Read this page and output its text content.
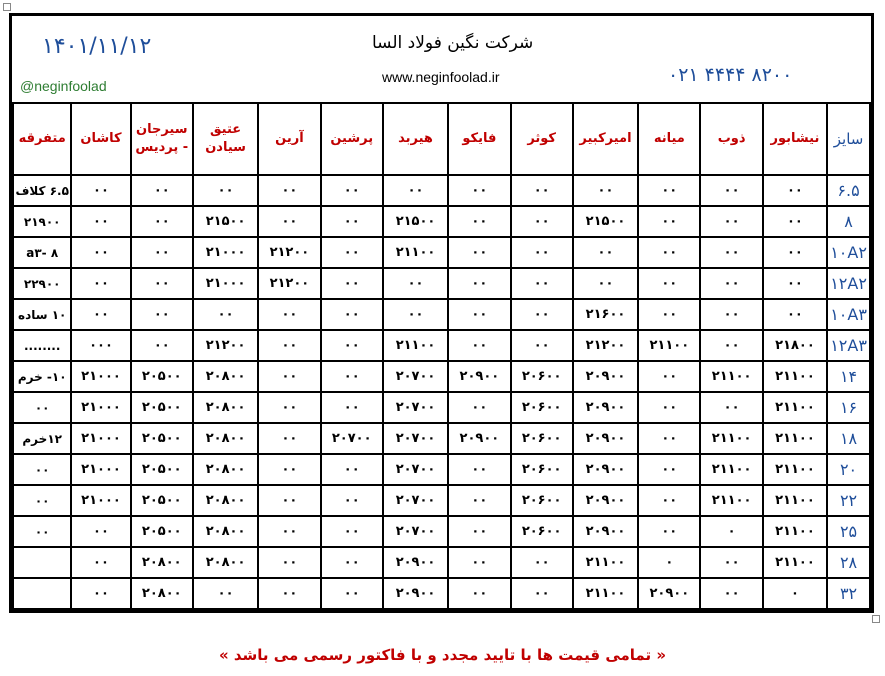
۱۴۰۱/۱۱/۱۲
@neginfoolad
شرکت نگین فولاد السا
www.neginfoolad.ir	۰۲۱ ۴۴۴۴ ۸۲۰۰
سایز	نیشابور	ذوب	میانه	امیرکبیر	کوثر	فایکو	هیربد	پرشین	آرین	عتیق سیادن	سیرجان - پردیس	کاشان	متفرقه
۶.۵	۰۰	۰۰	۰۰	۰۰	۰۰	۰۰	۰۰	۰۰	۰۰	۰۰	۰۰	۰۰	۶.۵ کلاف
۸	۰۰	۰۰	۰۰	۲۱۵۰۰	۰۰	۰۰	۲۱۵۰۰	۰۰	۰۰	۲۱۵۰۰	۰۰	۰۰	۲۱۹۰۰
۱۰A۲	۰۰	۰۰	۰۰	۰۰	۰۰	۰۰	۲۱۱۰۰	۰۰	۲۱۲۰۰	۲۱۰۰۰	۰۰	۰۰	۸ -a۳
۱۲A۲	۰۰	۰۰	۰۰	۰۰	۰۰	۰۰	۰۰	۰۰	۲۱۲۰۰	۲۱۰۰۰	۰۰	۰۰	۲۲۹۰۰
۱۰A۳	۰۰	۰۰	۰۰	۲۱۶۰۰	۰۰	۰۰	۰۰	۰۰	۰۰	۰۰	۰۰	۰۰	۱۰ ساده
۱۲A۳	۲۱۸۰۰	۰۰	۲۱۱۰۰	۲۱۲۰۰	۰۰	۰۰	۲۱۱۰۰	۰۰	۰۰	۲۱۲۰۰	۰۰	۰۰۰	........
۱۴	۲۱۱۰۰	۲۱۱۰۰	۰۰	۲۰۹۰۰	۲۰۶۰۰	۲۰۹۰۰	۲۰۷۰۰	۰۰	۰۰	۲۰۸۰۰	۲۰۵۰۰	۲۱۰۰۰	۱۰- خرم
۱۶	۲۱۱۰۰	۰۰	۰۰	۲۰۹۰۰	۲۰۶۰۰	۰۰	۲۰۷۰۰	۰۰	۰۰	۲۰۸۰۰	۲۰۵۰۰	۲۱۰۰۰	۰۰
۱۸	۲۱۱۰۰	۲۱۱۰۰	۰۰	۲۰۹۰۰	۲۰۶۰۰	۲۰۹۰۰	۲۰۷۰۰	۲۰۷۰۰	۰۰	۲۰۸۰۰	۲۰۵۰۰	۲۱۰۰۰	۱۲خرم
۲۰	۲۱۱۰۰	۲۱۱۰۰	۰۰	۲۰۹۰۰	۲۰۶۰۰	۰۰	۲۰۷۰۰	۰۰	۰۰	۲۰۸۰۰	۲۰۵۰۰	۲۱۰۰۰	۰۰
۲۲	۲۱۱۰۰	۲۱۱۰۰	۰۰	۲۰۹۰۰	۲۰۶۰۰	۰۰	۲۰۷۰۰	۰۰	۰۰	۲۰۸۰۰	۲۰۵۰۰	۲۱۰۰۰	۰۰
۲۵	۲۱۱۰۰	۰	۰۰	۲۰۹۰۰	۲۰۶۰۰	۰۰	۲۰۷۰۰	۰۰	۰۰	۲۰۸۰۰	۲۰۵۰۰	۰۰	۰۰
۲۸	۲۱۱۰۰	۰۰	۰	۲۱۱۰۰	۰۰	۰۰	۲۰۹۰۰	۰۰	۰۰	۲۰۸۰۰	۲۰۸۰۰	۰۰	
۳۲	۰	۰۰	۲۰۹۰۰	۲۱۱۰۰	۰۰	۰۰	۲۰۹۰۰	۰۰	۰۰	۰۰	۲۰۸۰۰	۰۰	
« تمامی قیمت ها با تایید مجدد و با فاکتور رسمی می باشد »
